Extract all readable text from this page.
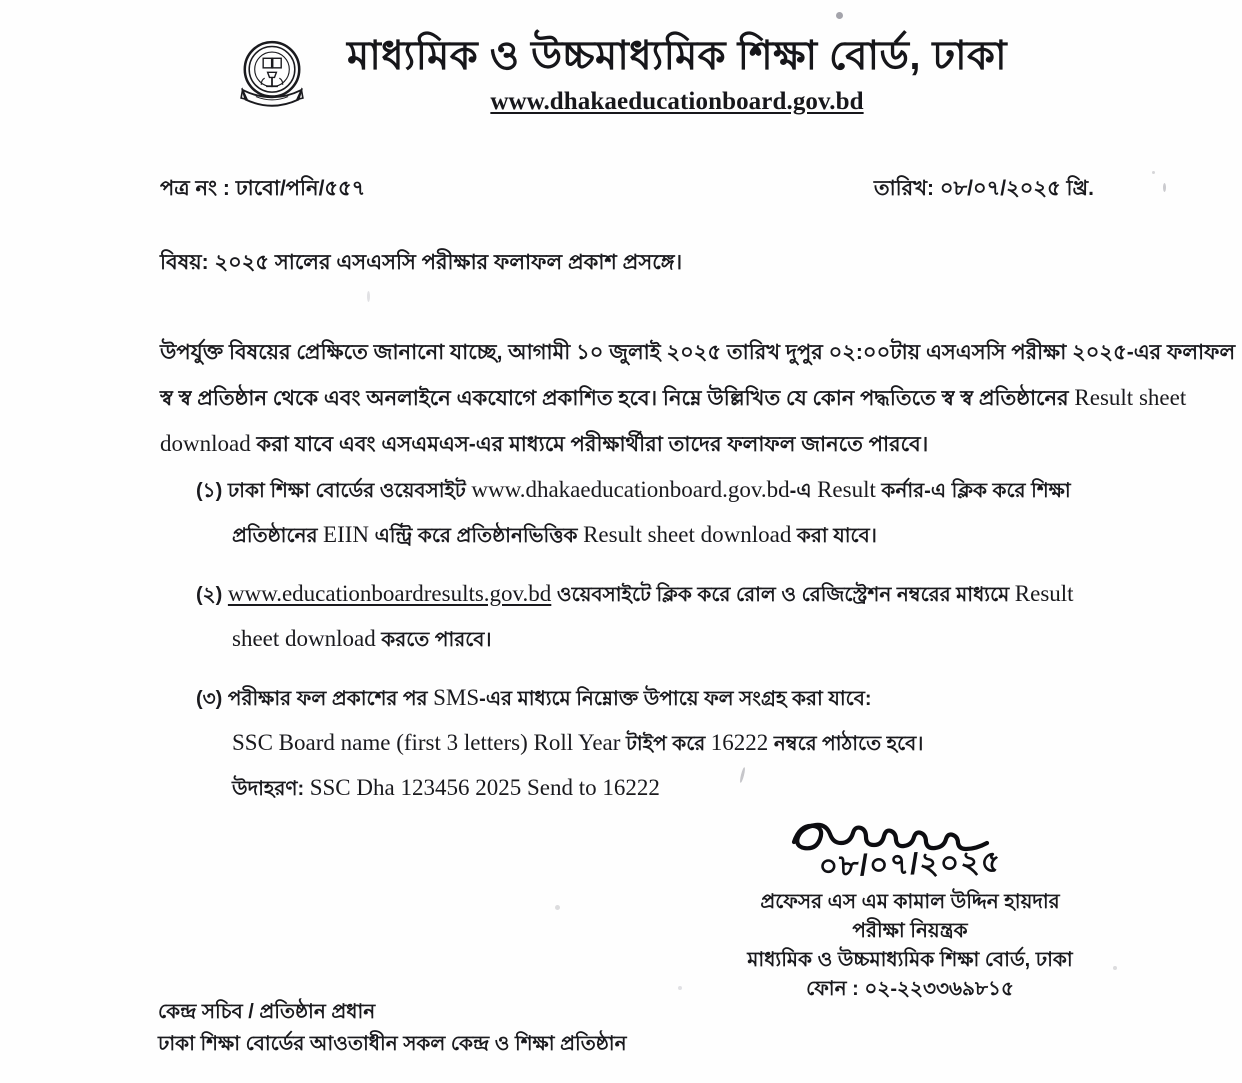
মাধ্যমিক ও উচ্চমাধ্যমিক শিক্ষা বোর্ড, ঢাকা
www.dhakaeducationboard.gov.bd
পত্র নং : ঢাবো/পনি/৫৫৭	তারিখ: ০৮/০৭/২০২৫ খ্রি.
বিষয়: ২০২৫ সালের এসএসসি পরীক্ষার ফলাফল প্রকাশ প্রসঙ্গে।
উপর্যুক্ত বিষয়ের প্রেক্ষিতে জানানো যাচ্ছে, আগামী ১০ জুলাই ২০২৫ তারিখ দুপুর ০২:০০টায় এসএসসি পরীক্ষা ২০২৫-এর ফলাফল
স্ব স্ব প্রতিষ্ঠান থেকে এবং অনলাইনে একযোগে প্রকাশিত হবে। নিম্নে উল্লিখিত যে কোন পদ্ধতিতে স্ব স্ব প্রতিষ্ঠানের Result sheet
download করা যাবে এবং এসএমএস-এর মাধ্যমে পরীক্ষার্থীরা তাদের ফলাফল জানতে পারবে।
(১) ঢাকা শিক্ষা বোর্ডের ওয়েবসাইট www.dhakaeducationboard.gov.bd-এ Result কর্নার-এ ক্লিক করে শিক্ষা
প্রতিষ্ঠানের EIIN এন্ট্রি করে প্রতিষ্ঠানভিত্তিক Result sheet download করা যাবে।
(২) www.educationboardresults.gov.bd ওয়েবসাইটে ক্লিক করে রোল ও রেজিস্ট্রেশন নম্বরের মাধ্যমে Result
sheet download করতে পারবে।
(৩) পরীক্ষার ফল প্রকাশের পর SMS-এর মাধ্যমে নিম্নোক্ত উপায়ে ফল সংগ্রহ করা যাবে:
SSC Board name (first 3 letters) Roll Year টাইপ করে 16222 নম্বরে পাঠাতে হবে।
উদাহরণ: SSC Dha 123456 2025 Send to 16222
০৮/০৭/২০২৫
প্রফেসর এস এম কামাল উদ্দিন হায়দার
পরীক্ষা নিয়ন্ত্রক
মাধ্যমিক ও উচ্চমাধ্যমিক শিক্ষা বোর্ড, ঢাকা
ফোন : ০২-২২৩৩৬৯৮১৫
কেন্দ্র সচিব / প্রতিষ্ঠান প্রধান
ঢাকা শিক্ষা বোর্ডের আওতাধীন সকল কেন্দ্র ও শিক্ষা প্রতিষ্ঠান
